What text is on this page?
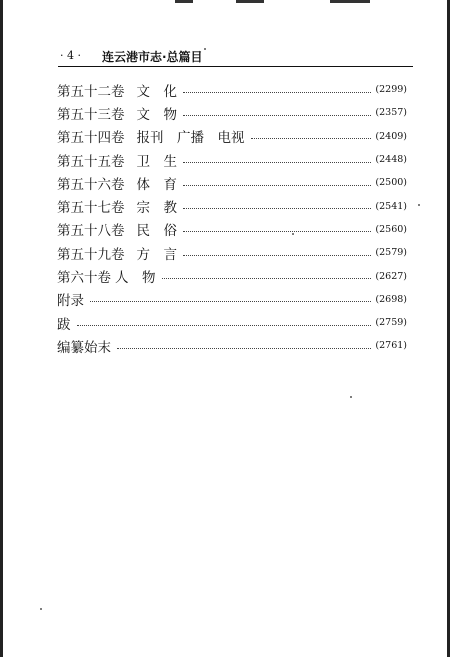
· 4 · 连云港市志·总篇目
第五十二卷 文　化	(2299)
第五十三卷 文　物	(2357)
第五十四卷 报刊　广播　电视	(2409)
第五十五卷 卫　生	(2448)
第五十六卷 体　育	(2500)
第五十七卷 宗　教	(2541)
第五十八卷 民　俗	(2560)
第五十九卷 方　言	(2579)
第六十卷 人　物	(2627)
附录	(2698)
跋	(2759)
编纂始末	(2761)
